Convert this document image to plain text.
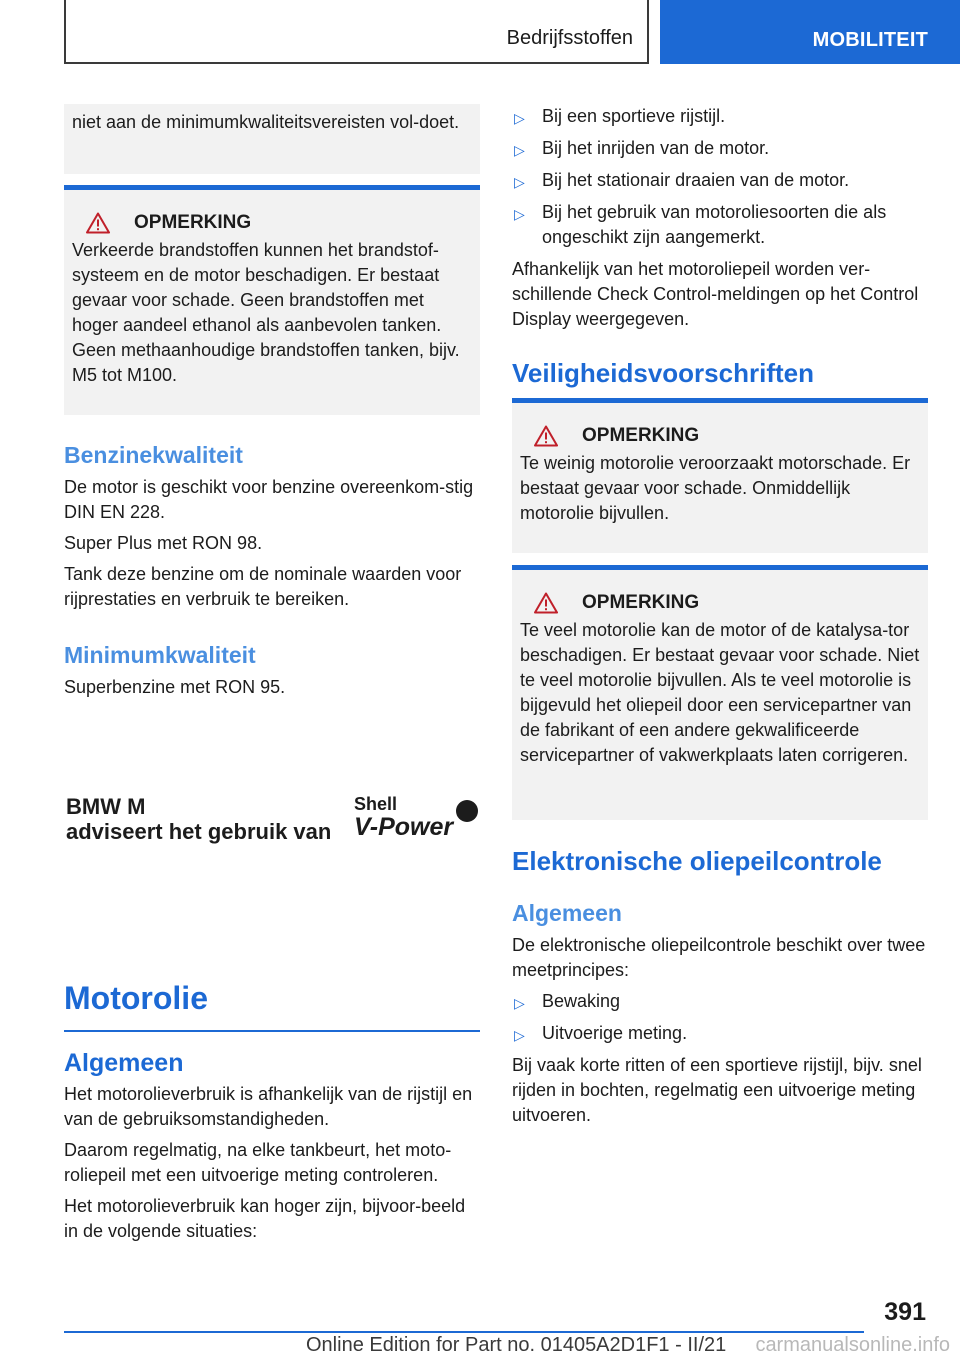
Bedrijfsstoffen	MOBILITEIT

niet aan de minimumkwaliteitsvereisten vol-doet.

OPMERKING

Verkeerde brandstoffen kunnen het brandstof-systeem en de motor beschadigen. Er bestaat gevaar voor schade. Geen brandstoffen met hoger aandeel ethanol als aanbevolen tanken. Geen methaanhoudige brandstoffen tanken, bijv. M5 tot M100.

Benzinekwaliteit

De motor is geschikt voor benzine overeenkom-stig DIN EN 228.

Super Plus met RON 98.

Tank deze benzine om de nominale waarden voor rijprestaties en verbruik te bereiken.

Minimumkwaliteit

Superbenzine met RON 95.

BMW M
adviseert het gebruik van
Shell
V-Power
Motorolie
Algemeen

Het motorolieverbruik is afhankelijk van de rijstijl en van de gebruiksomstandigheden.

Daarom regelmatig, na elke tankbeurt, het moto-roliepeil met een uitvoerige meting controleren.

Het motorolieverbruik kan hoger zijn, bijvoor-beeld in de volgende situaties:

▷ Bij een sportieve rijstijl.
▷ Bij het inrijden van de motor.
▷ Bij het stationair draaien van de motor.
▷ Bij het gebruik van motoroliesoorten die als ongeschikt zijn aangemerkt.

Afhankelijk van het motoroliepeil worden ver-schillende Check Control-meldingen op het Control Display weergegeven.

Veiligheidsvoorschriften
OPMERKING

Te weinig motorolie veroorzaakt motorschade. Er bestaat gevaar voor schade. Onmiddellijk motorolie bijvullen.

OPMERKING

Te veel motorolie kan de motor of de katalysa-tor beschadigen. Er bestaat gevaar voor schade. Niet te veel motorolie bijvullen. Als te veel motorolie is bijgevuld het oliepeil door een servicepartner van de fabrikant of een andere gekwalificeerde servicepartner of vakwerkplaats laten corrigeren.

Elektronische oliepeilcontrole
Algemeen

De elektronische oliepeilcontrole beschikt over twee meetprincipes:

▷ Bewaking
▷ Uitvoerige meting.

Bij vaak korte ritten of een sportieve rijstijl, bijv. snel rijden in bochten, regelmatig een uitvoerige meting uitvoeren.

391
Online Edition for Part no. 01405A2D1F1 - II/21 carmanualsonline.info
